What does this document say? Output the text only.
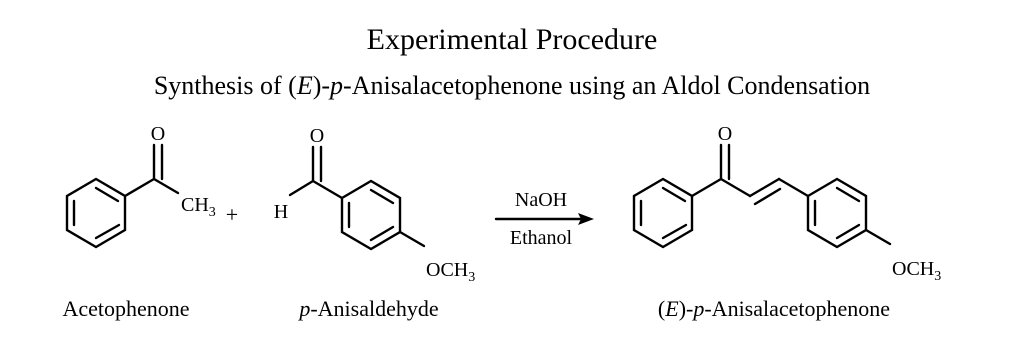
Experimental Procedure
Synthesis of (E)-p-Anisalacetophenone using an Aldol Condensation
O
$CH_3 + H$
O
$OCH_3$
NaOH
Ethanol
O
$OCH_3$
Acetophenone	p-Anisaldehyde	(E)-p-Anisalacetophenone
